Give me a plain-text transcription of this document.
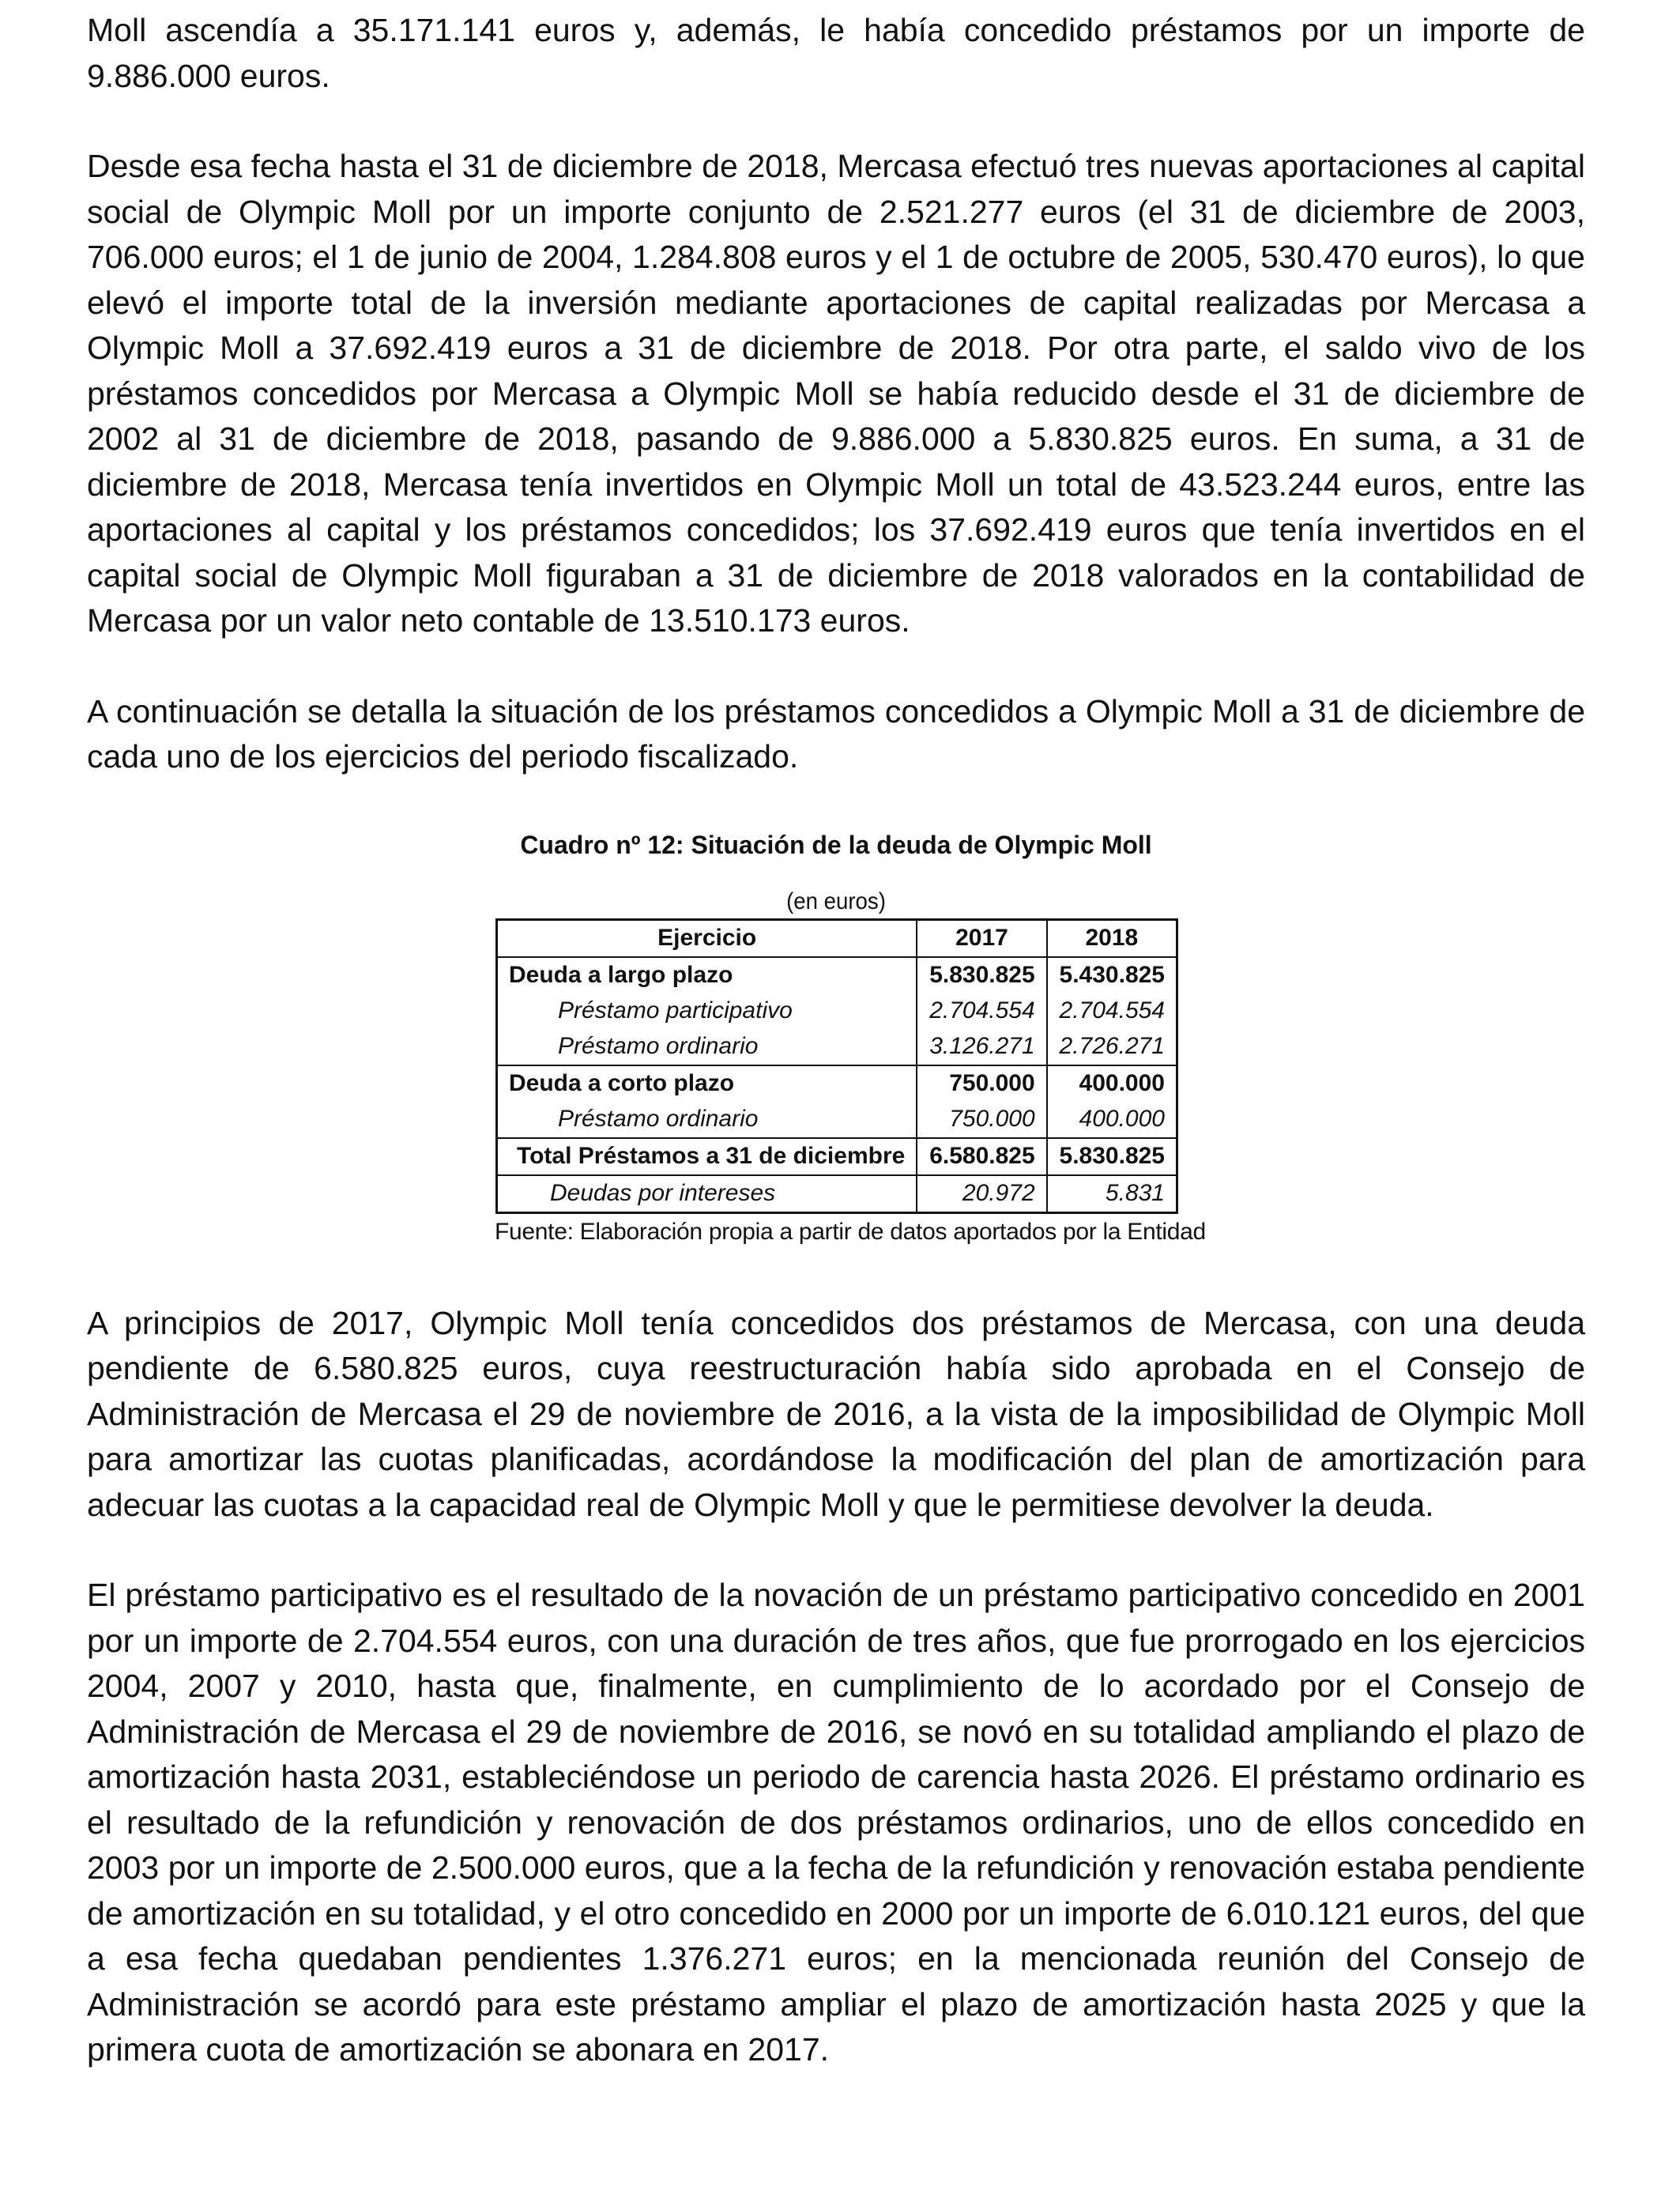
Moll ascendía a 35.171.141 euros y, además, le había concedido préstamos por un importe de 9.886.000 euros.

Desde esa fecha hasta el 31 de diciembre de 2018, Mercasa efectuó tres nuevas aportaciones al capital social de Olympic Moll por un importe conjunto de 2.521.277 euros (el 31 de diciembre de 2003, 706.000 euros; el 1 de junio de 2004, 1.284.808 euros y el 1 de octubre de 2005, 530.470 euros), lo que elevó el importe total de la inversión mediante aportaciones de capital realizadas por Mercasa a Olympic Moll a 37.692.419 euros a 31 de diciembre de 2018. Por otra parte, el saldo vivo de los préstamos concedidos por Mercasa a Olympic Moll se había reducido desde el 31 de diciembre de 2002 al 31 de diciembre de 2018, pasando de 9.886.000 a 5.830.825 euros. En suma, a 31 de diciembre de 2018, Mercasa tenía invertidos en Olympic Moll un total de 43.523.244 euros, entre las aportaciones al capital y los préstamos concedidos; los 37.692.419 euros que tenía invertidos en el capital social de Olympic Moll figuraban a 31 de diciembre de 2018 valorados en la contabilidad de Mercasa por un valor neto contable de 13.510.173 euros.

A continuación se detalla la situación de los préstamos concedidos a Olympic Moll a 31 de diciembre de cada uno de los ejercicios del periodo fiscalizado.

Cuadro nº 12: Situación de la deuda de Olympic Moll

(en euros)

Ejercicio	2017	2018
Deuda a largo plazo	5.830.825	5.430.825
Préstamo participativo	2.704.554	2.704.554
Préstamo ordinario	3.126.271	2.726.271
Deuda a corto plazo	750.000	400.000
Préstamo ordinario	750.000	400.000
Total Préstamos a 31 de diciembre	6.580.825	5.830.825
Deudas por intereses	20.972	5.831

Fuente: Elaboración propia a partir de datos aportados por la Entidad

A principios de 2017, Olympic Moll tenía concedidos dos préstamos de Mercasa, con una deuda pendiente de 6.580.825 euros, cuya reestructuración había sido aprobada en el Consejo de Administración de Mercasa el 29 de noviembre de 2016, a la vista de la imposibilidad de Olympic Moll para amortizar las cuotas planificadas, acordándose la modificación del plan de amortización para adecuar las cuotas a la capacidad real de Olympic Moll y que le permitiese devolver la deuda.

El préstamo participativo es el resultado de la novación de un préstamo participativo concedido en 2001 por un importe de 2.704.554 euros, con una duración de tres años, que fue prorrogado en los ejercicios 2004, 2007 y 2010, hasta que, finalmente, en cumplimiento de lo acordado por el Consejo de Administración de Mercasa el 29 de noviembre de 2016, se novó en su totalidad ampliando el plazo de amortización hasta 2031, estableciéndose un periodo de carencia hasta 2026. El préstamo ordinario es el resultado de la refundición y renovación de dos préstamos ordinarios, uno de ellos concedido en 2003 por un importe de 2.500.000 euros, que a la fecha de la refundición y renovación estaba pendiente de amortización en su totalidad, y el otro concedido en 2000 por un importe de 6.010.121 euros, del que a esa fecha quedaban pendientes 1.376.271 euros; en la mencionada reunión del Consejo de Administración se acordó para este préstamo ampliar el plazo de amortización hasta 2025 y que la primera cuota de amortización se abonara en 2017.
